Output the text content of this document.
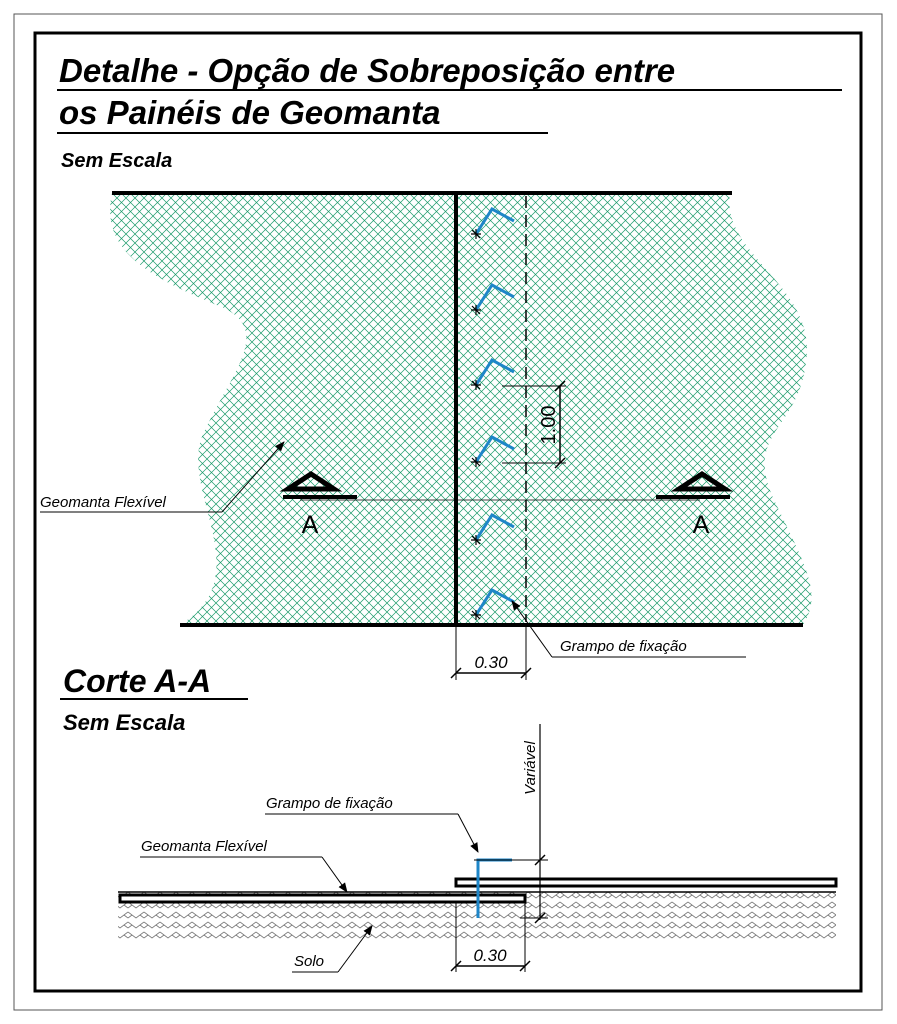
Detalhe - Opção de Sobreposição entre
os Painéis de Geomanta
Sem Escala
1.00
A	A
Geomanta Flexível
Grampo de fixação
0.30
Corte A-A
Sem Escala
Variável
Grampo de fixação
Geomanta Flexível
Solo	0.30
